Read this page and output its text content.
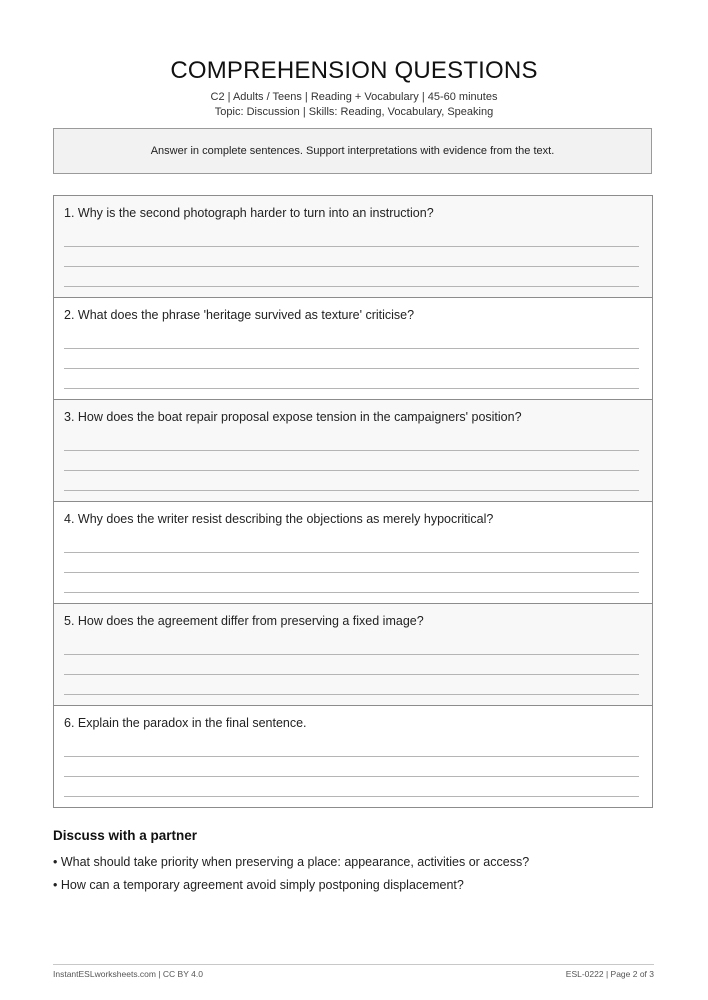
COMPREHENSION QUESTIONS
C2 | Adults / Teens | Reading + Vocabulary | 45-60 minutes
Topic: Discussion | Skills: Reading, Vocabulary, Speaking
Answer in complete sentences. Support interpretations with evidence from the text.
1. Why is the second photograph harder to turn into an instruction?
2. What does the phrase 'heritage survived as texture' criticise?
3. How does the boat repair proposal expose tension in the campaigners' position?
4. Why does the writer resist describing the objections as merely hypocritical?
5. How does the agreement differ from preserving a fixed image?
6. Explain the paradox in the final sentence.
Discuss with a partner
• What should take priority when preserving a place: appearance, activities or access?
• How can a temporary agreement avoid simply postponing displacement?
InstantESLworksheets.com | CC BY 4.0	ESL-0222 | Page 2 of 3
